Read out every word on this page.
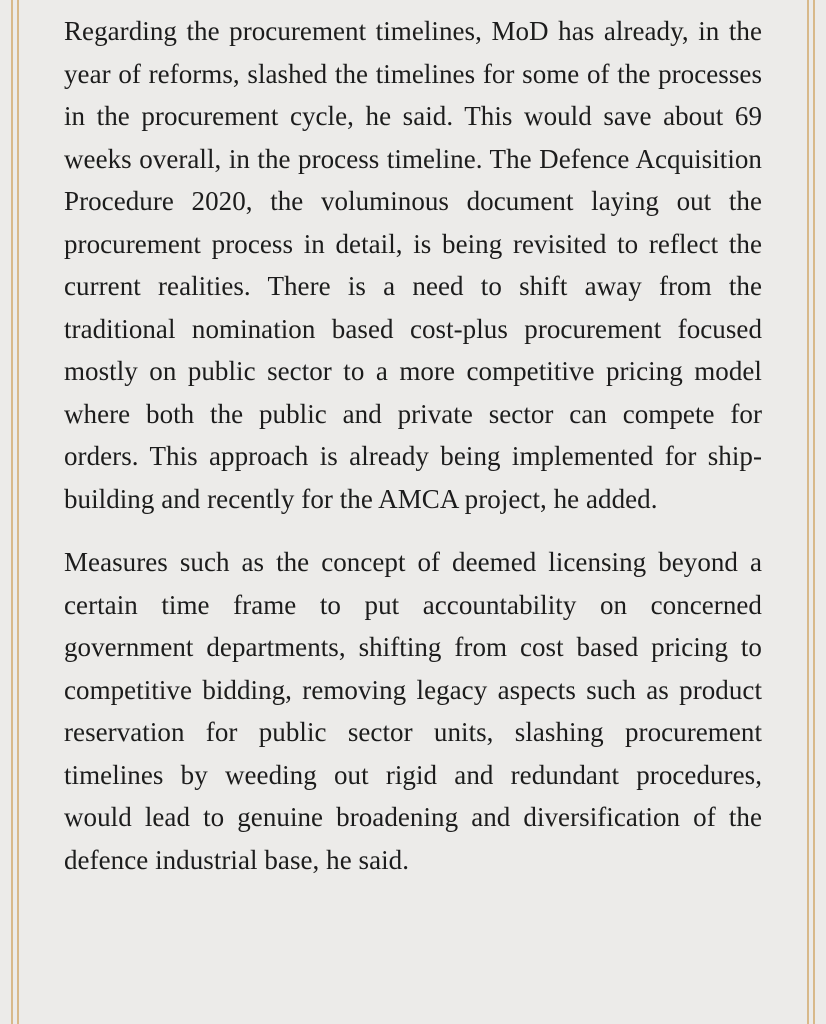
Regarding the procurement timelines, MoD has already, in the year of reforms, slashed the timelines for some of the processes in the procurement cycle, he said. This would save about 69 weeks overall, in the process timeline. The Defence Acquisition Procedure 2020, the voluminous document laying out the procurement process in detail, is being revisited to reflect the current realities. There is a need to shift away from the traditional nomination based cost-plus procurement focused mostly on public sector to a more competitive pricing model where both the public and private sector can compete for orders. This approach is already being implemented for ship-building and recently for the AMCA project, he added.

Measures such as the concept of deemed licensing beyond a certain time frame to put accountability on concerned government departments, shifting from cost based pricing to competitive bidding, removing legacy aspects such as product reservation for public sector units, slashing procurement timelines by weeding out rigid and redundant procedures, would lead to genuine broadening and diversification of the defence industrial base, he said.
